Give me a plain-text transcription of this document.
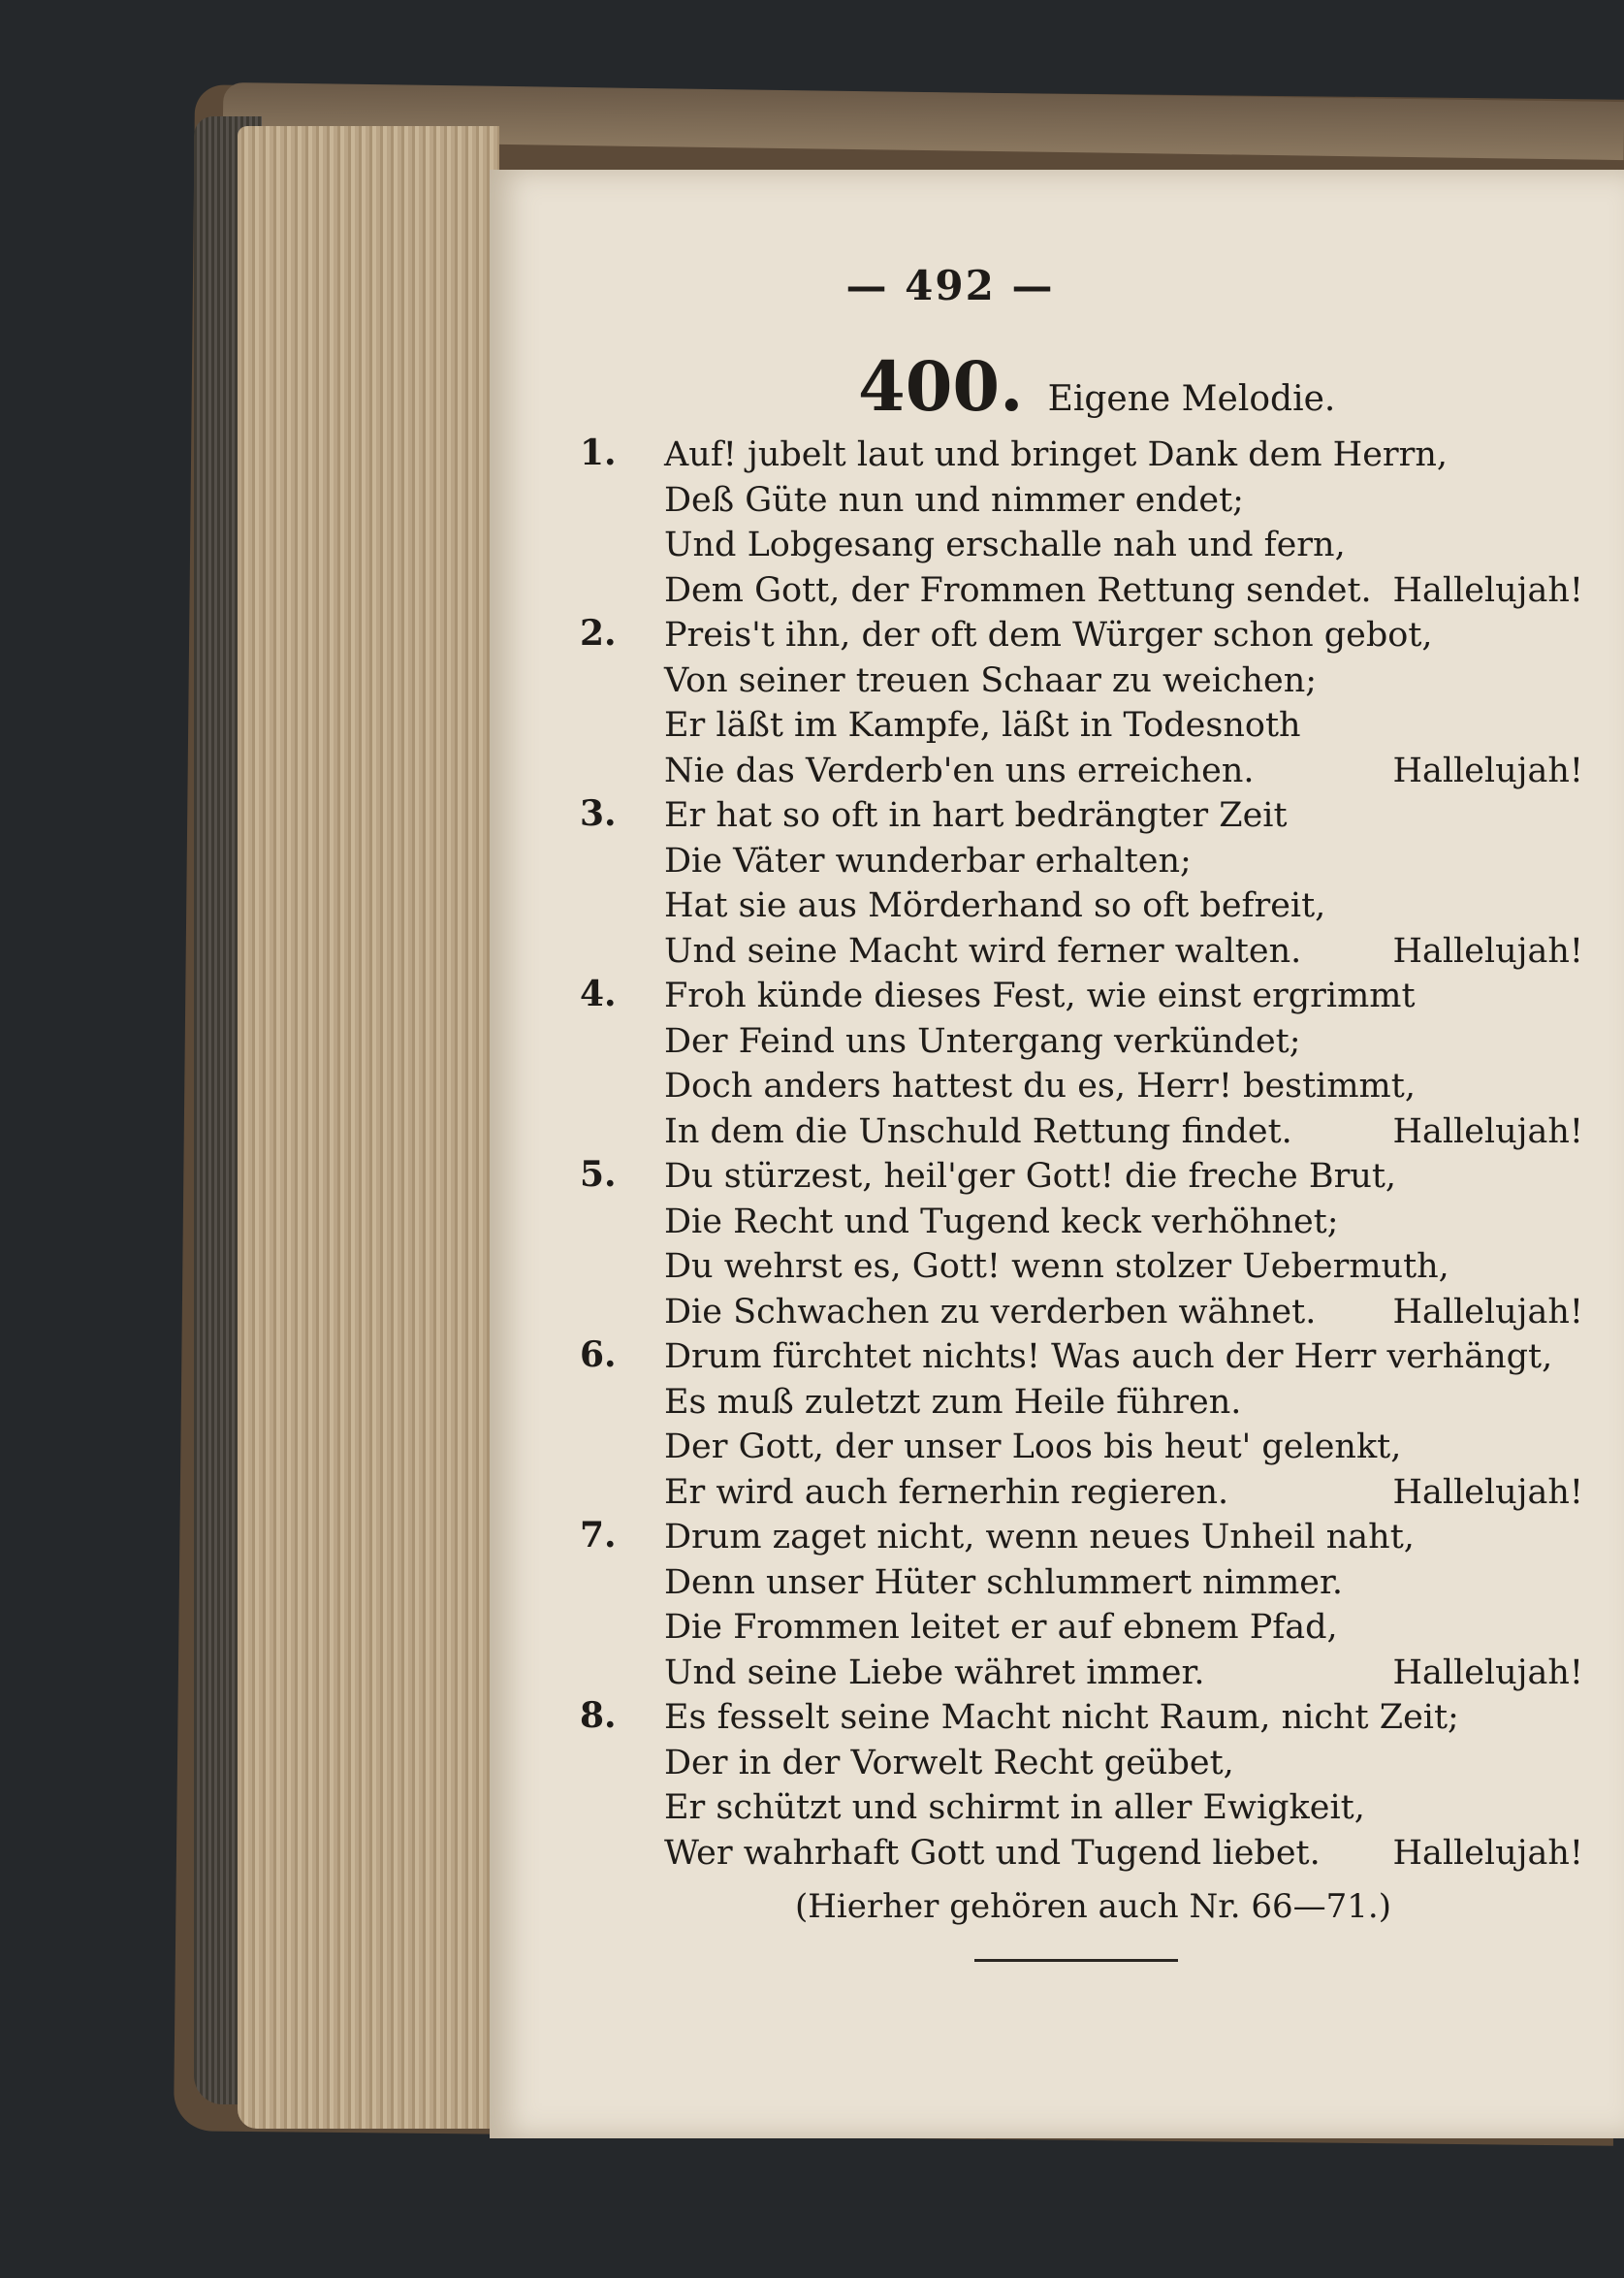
— 492 —
400. Eigene Melodie.
1.	Auf! jubelt laut und bringet Dank dem Herrn,
Deß Güte nun und nimmer endet;
Und Lobgesang erschalle nah und fern,
Dem Gott, der Frommen Rettung sendet. Hallelujah!
2.	Preis't ihn, der oft dem Würger schon gebot,
Von seiner treuen Schaar zu weichen;
Er läßt im Kampfe, läßt in Todesnoth
Nie das Verderb'en uns erreichen.	Hallelujah!
3.	Er hat so oft in hart bedrängter Zeit
Die Väter wunderbar erhalten;
Hat sie aus Mörderhand so oft befreit,
Und seine Macht wird ferner walten.	Hallelujah!
4.	Froh künde dieses Fest, wie einst ergrimmt
Der Feind uns Untergang verkündet;
Doch anders hattest du es, Herr! bestimmt,
In dem die Unschuld Rettung findet.	Hallelujah!
5.	Du stürzest, heil'ger Gott! die freche Brut,
Die Recht und Tugend keck verhöhnet;
Du wehrst es, Gott! wenn stolzer Uebermuth,
Die Schwachen zu verderben wähnet. Hallelujah!
6.	Drum fürchtet nichts! Was auch der Herr verhängt,
Es muß zuletzt zum Heile führen.
Der Gott, der unser Loos bis heut' gelenkt,
Er wird auch fernerhin regieren.	Hallelujah!
7.	Drum zaget nicht, wenn neues Unheil naht,
Denn unser Hüter schlummert nimmer.
Die Frommen leitet er auf ebnem Pfad,
Und seine Liebe währet immer.	Hallelujah!
8.	Es fesselt seine Macht nicht Raum, nicht Zeit;
Der in der Vorwelt Recht geübet,
Er schützt und schirmt in aller Ewigkeit,
Wer wahrhaft Gott und Tugend liebet. Hallelujah!
(Hierher gehören auch Nr. 66—71.)
